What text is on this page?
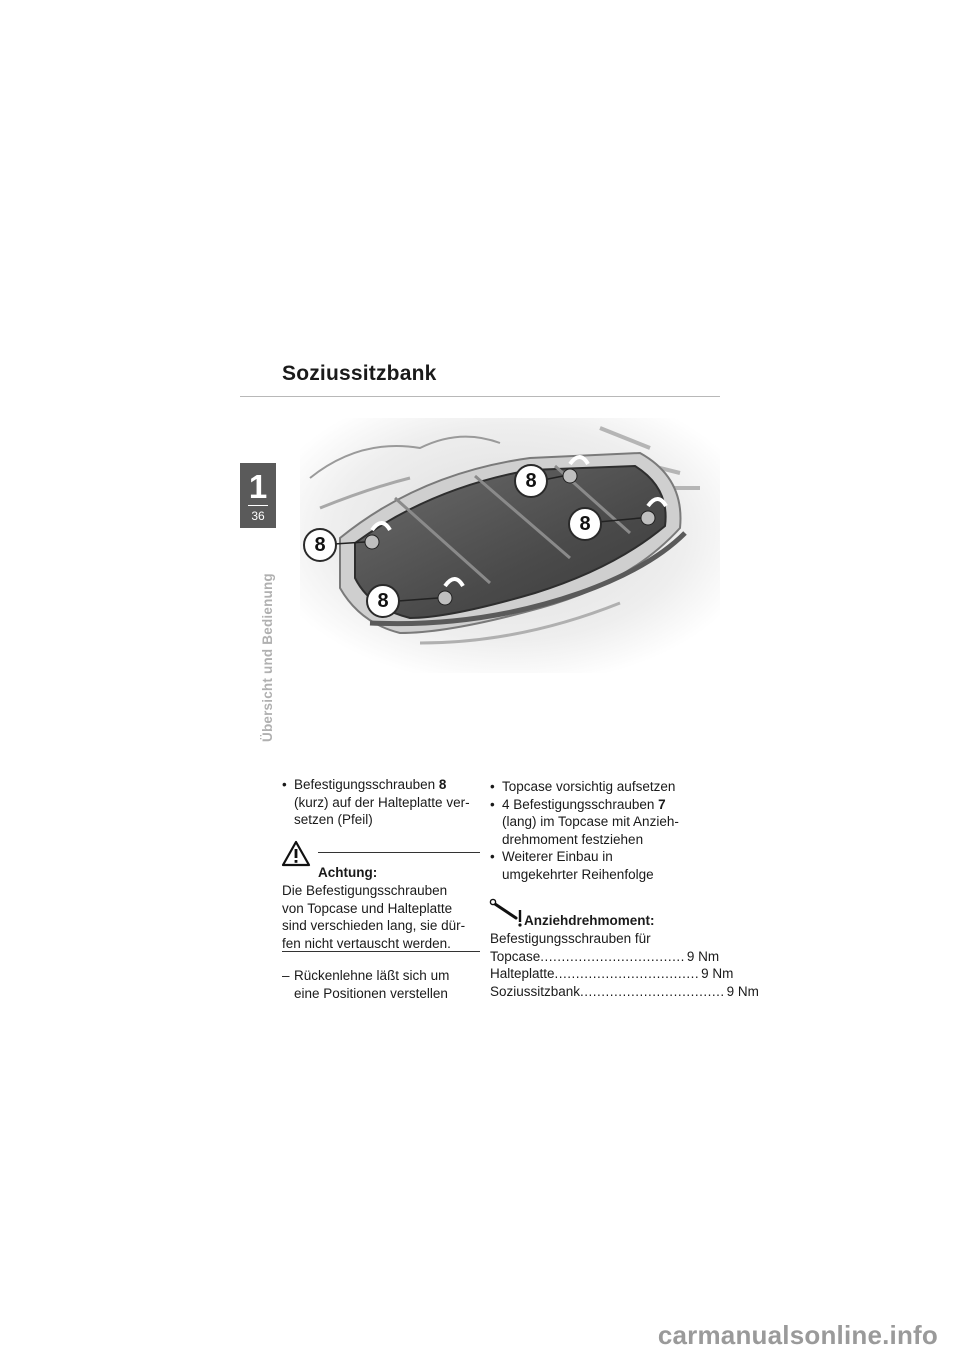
Soziussitzbank
1
36
Übersicht und Bedienung
8
8
8
8
• Befestigungsschrauben 8
(kurz) auf der Halteplatte ver-
setzen (Pfeil)
Achtung:
Die Befestigungsschrauben
von Topcase und Halteplatte
sind verschieden lang, sie dür-
fen nicht vertauscht werden.
– Rückenlehne läßt sich um
eine Positionen verstellen
• Topcase vorsichtig aufsetzen
• 4 Befestigungsschrauben 7
(lang) im Topcase mit Anzieh-
drehmoment festziehen
• Weiterer Einbau in
umgekehrter Reihenfolge
Anziehdrehmoment:
Befestigungsschrauben für
Topcase .................................. 9 Nm
Halteplatte .................................. 9 Nm
Soziussitzbank .................................. 9 Nm
carmanualsonline.info
